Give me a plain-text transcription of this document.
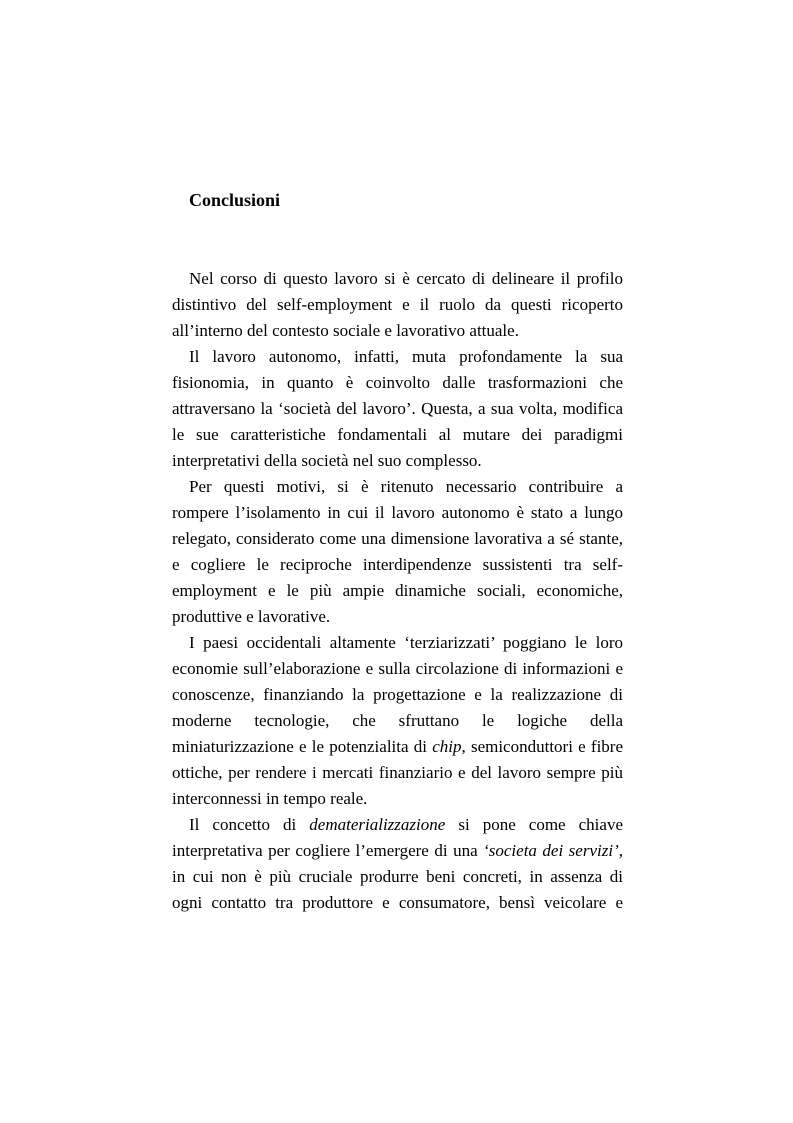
Conclusioni
Nel corso di questo lavoro si è cercato di delineare il profilo
distintivo del self-employment e il ruolo da questi ricoperto
all’interno del contesto sociale e lavorativo attuale.
Il lavoro autonomo, infatti, muta profondamente la sua
fisionomia, in quanto è coinvolto dalle trasformazioni che
attraversano la ‘società del lavoro’. Questa, a sua volta, modifica
le sue caratteristiche fondamentali al mutare dei paradigmi
interpretativi della società nel suo complesso.
Per questi motivi, si è ritenuto necessario contribuire a
rompere l’isolamento in cui il lavoro autonomo è stato a lungo
relegato, considerato come una dimensione lavorativa a sé stante,
e cogliere le reciproche interdipendenze sussistenti tra self-
employment e le più ampie dinamiche sociali, economiche,
produttive e lavorative.
I paesi occidentali altamente ‘terziarizzati’ poggiano le loro
economie sull’elaborazione e sulla circolazione di informazioni e
conoscenze, finanziando la progettazione e la realizzazione di
moderne tecnologie, che sfruttano le logiche della
miniaturizzazione e le potenzialita di chip, semiconduttori e fibre
ottiche, per rendere i mercati finanziario e del lavoro sempre più
interconnessi in tempo reale.
Il concetto di dematerializzazione si pone come chiave
interpretativa per cogliere l’emergere di una ‘societa dei servizi’,
in cui non è più cruciale produrre beni concreti, in assenza di
ogni contatto tra produttore e consumatore, bensì veicolare e
